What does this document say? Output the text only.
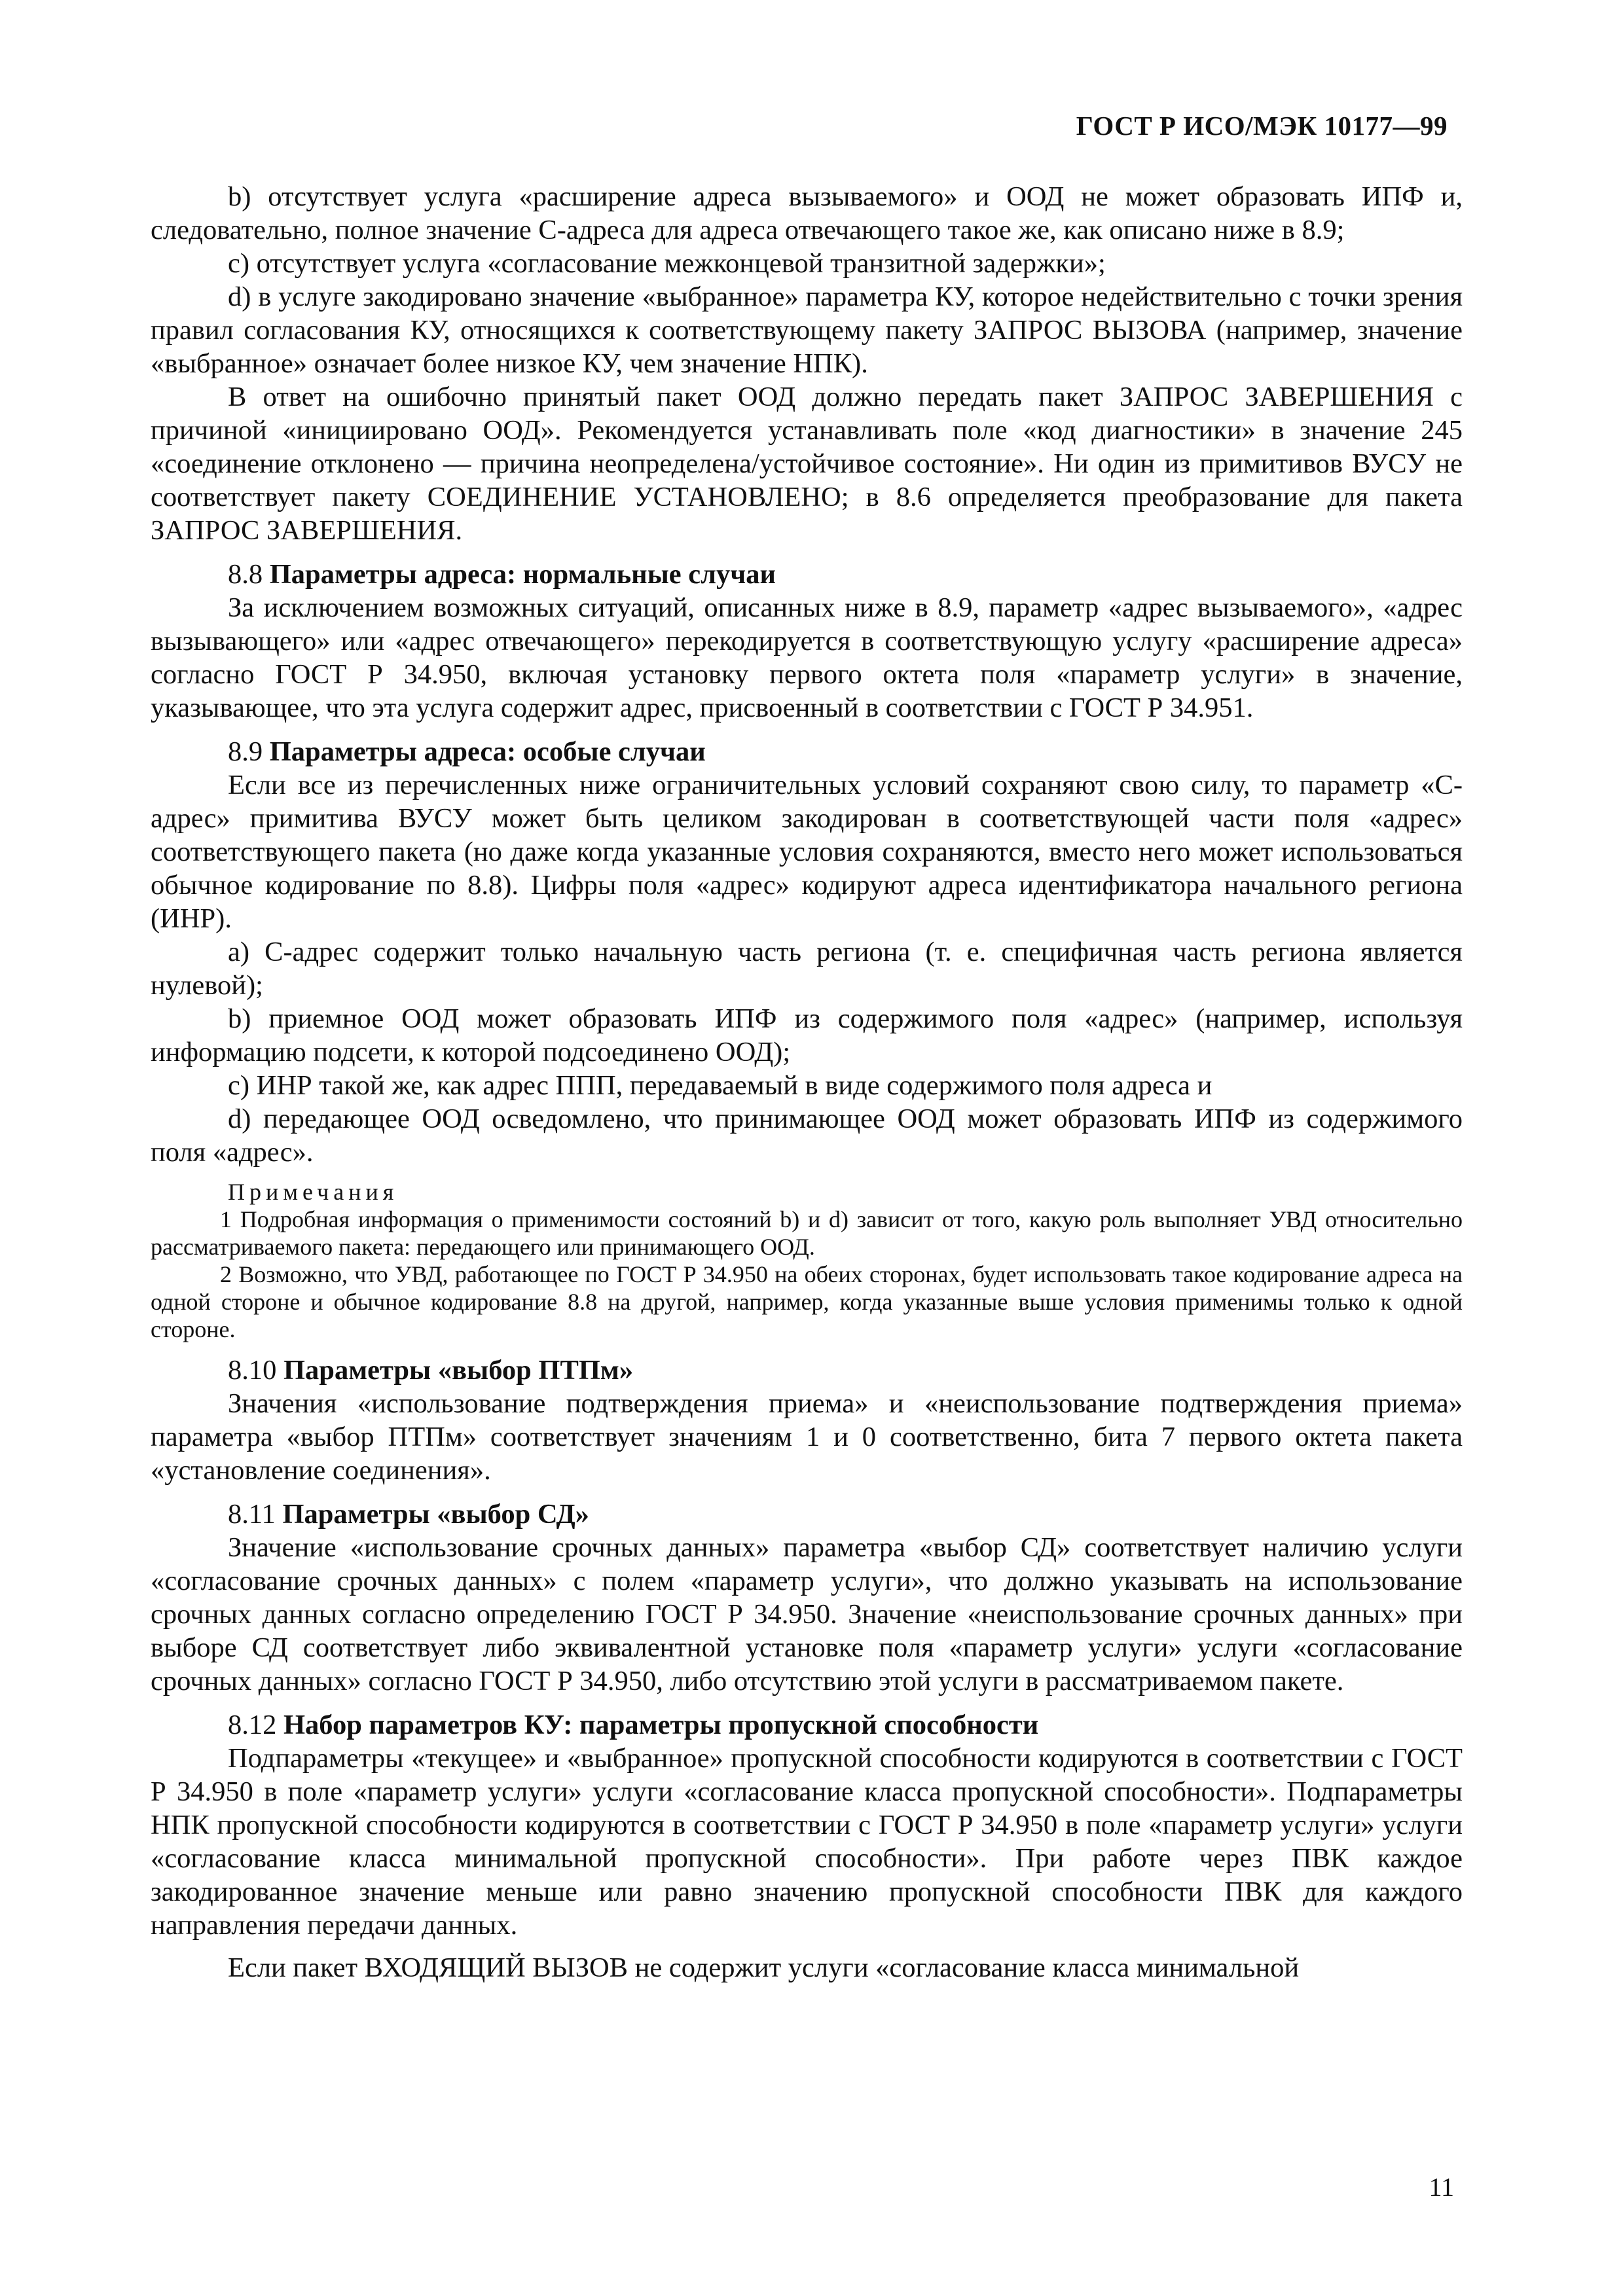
ГОСТ Р ИСО/МЭК 10177—99

b) отсутствует услуга «расширение адреса вызываемого» и ООД не может образовать ИПФ и, следовательно, полное значение С-адреса для адреса отвечающего такое же, как описано ниже в 8.9;

с) отсутствует услуга «согласование межконцевой транзитной задержки»;

d) в услуге закодировано значение «выбранное» параметра КУ, которое недействительно с точки зрения правил согласования КУ, относящихся к соответствующему пакету ЗАПРОС ВЫЗОВА (например, значение «выбранное» означает более низкое КУ, чем значение НПК).

В ответ на ошибочно принятый пакет ООД должно передать пакет ЗАПРОС ЗАВЕРШЕНИЯ с причиной «инициировано ООД». Рекомендуется устанавливать поле «код диагностики» в значение 245 «соединение отклонено — причина неопределена/устойчивое состояние». Ни один из примитивов ВУСУ не соответствует пакету СОЕДИНЕНИЕ УСТАНОВЛЕНО; в 8.6 определяется преобразование для пакета ЗАПРОС ЗАВЕРШЕНИЯ.

8.8 Параметры адреса: нормальные случаи

За исключением возможных ситуаций, описанных ниже в 8.9, параметр «адрес вызываемого», «адрес вызывающего» или «адрес отвечающего» перекодируется в соответствующую услугу «расширение адреса» согласно ГОСТ Р 34.950, включая установку первого октета поля «параметр услуги» в значение, указывающее, что эта услуга содержит адрес, присвоенный в соответствии с ГОСТ Р 34.951.

8.9 Параметры адреса: особые случаи

Если все из перечисленных ниже ограничительных условий сохраняют свою силу, то параметр «С-адрес» примитива ВУСУ может быть целиком закодирован в соответствующей части поля «адрес» соответствующего пакета (но даже когда указанные условия сохраняются, вместо него может использоваться обычное кодирование по 8.8). Цифры поля «адрес» кодируют адреса идентификатора начального региона (ИНР).

а) С-адрес содержит только начальную часть региона (т. е. специфичная часть региона является нулевой);

b) приемное ООД может образовать ИПФ из содержимого поля «адрес» (например, используя информацию подсети, к которой подсоединено ООД);

с) ИНР такой же, как адрес ППП, передаваемый в виде содержимого поля адреса и

d) передающее ООД осведомлено, что принимающее ООД может образовать ИПФ из содержимого поля «адрес».

Примечания

1 Подробная информация о применимости состояний b) и d) зависит от того, какую роль выполняет УВД относительно рассматриваемого пакета: передающего или принимающего ООД.

2 Возможно, что УВД, работающее по ГОСТ Р 34.950 на обеих сторонах, будет использовать такое кодирование адреса на одной стороне и обычное кодирование 8.8 на другой, например, когда указанные выше условия применимы только к одной стороне.

8.10 Параметры «выбор ПТПм»

Значения «использование подтверждения приема» и «неиспользование подтверждения приема» параметра «выбор ПТПм» соответствует значениям 1 и 0 соответственно, бита 7 первого октета пакета «установление соединения».

8.11 Параметры «выбор СД»

Значение «использование срочных данных» параметра «выбор СД» соответствует наличию услуги «согласование срочных данных» с полем «параметр услуги», что должно указывать на использование срочных данных согласно определению ГОСТ Р 34.950. Значение «неиспользование срочных данных» при выборе СД соответствует либо эквивалентной установке поля «параметр услуги» услуги «согласование срочных данных» согласно ГОСТ Р 34.950, либо отсутствию этой услуги в рассматриваемом пакете.

8.12 Набор параметров КУ: параметры пропускной способности

Подпараметры «текущее» и «выбранное» пропускной способности кодируются в соответствии с ГОСТ Р 34.950 в поле «параметр услуги» услуги «согласование класса пропускной способности». Подпараметры НПК пропускной способности кодируются в соответствии с ГОСТ Р 34.950 в поле «параметр услуги» услуги «согласование класса минимальной пропускной способности». При работе через ПВК каждое закодированное значение меньше или равно значению пропускной способности ПВК для каждого направления передачи данных.

Если пакет ВХОДЯЩИЙ ВЫЗОВ не содержит услуги «согласование класса минимальной

11
